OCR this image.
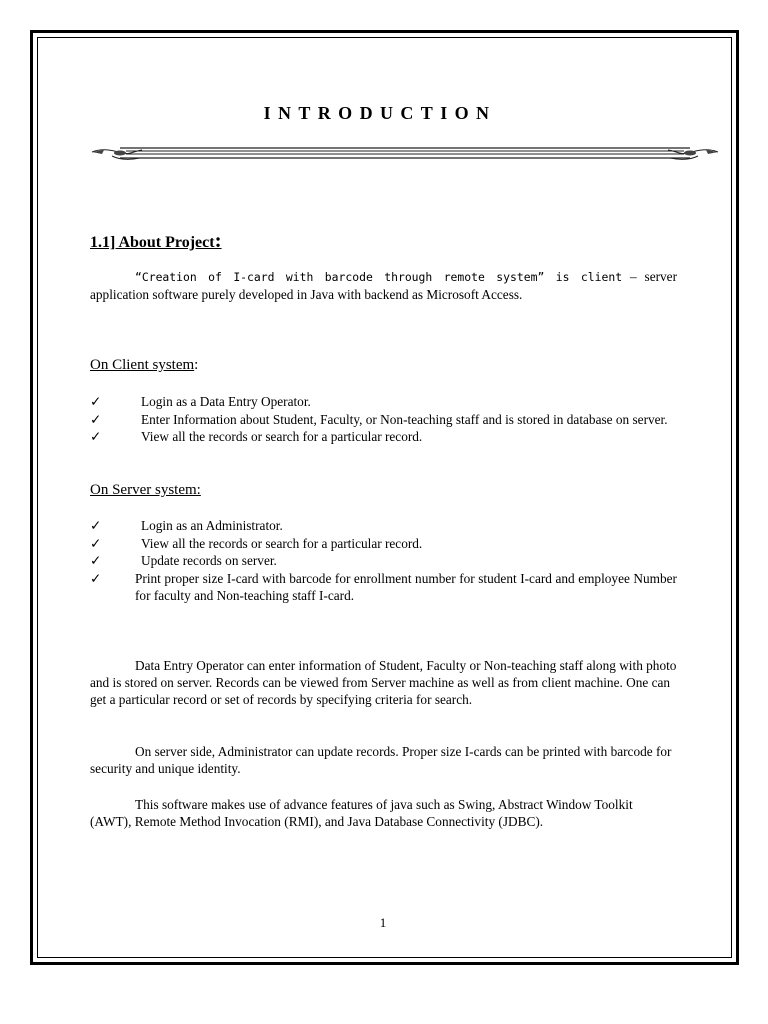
INTRODUCTION
1.1] About Project:
“Creation of I-card with barcode through remote system” is client – server application software purely developed in Java with backend as Microsoft Access.
On Client system:
✓	Login as a Data Entry Operator.
✓	Enter Information about Student, Faculty, or Non-teaching staff and is stored in database on server.
✓	View all the records or search for a particular record.
On Server system:
✓	Login as an Administrator.
✓	View all the records or search for a particular record.
✓	Update records on server.
✓	Print proper size I-card with barcode for enrollment number for student I-card and employee Number for faculty and Non-teaching staff I-card.
Data Entry Operator can enter information of Student, Faculty or Non-teaching staff along with photo and is stored on server. Records can be viewed from Server machine as well as from client machine. One can get a particular record or set of records by specifying criteria for search.
On server side, Administrator can update records. Proper size I-cards can be printed with barcode for security and unique identity.
This software makes use of advance features of java such as Swing, Abstract Window Toolkit (AWT), Remote Method Invocation (RMI), and Java Database Connectivity (JDBC).
1
